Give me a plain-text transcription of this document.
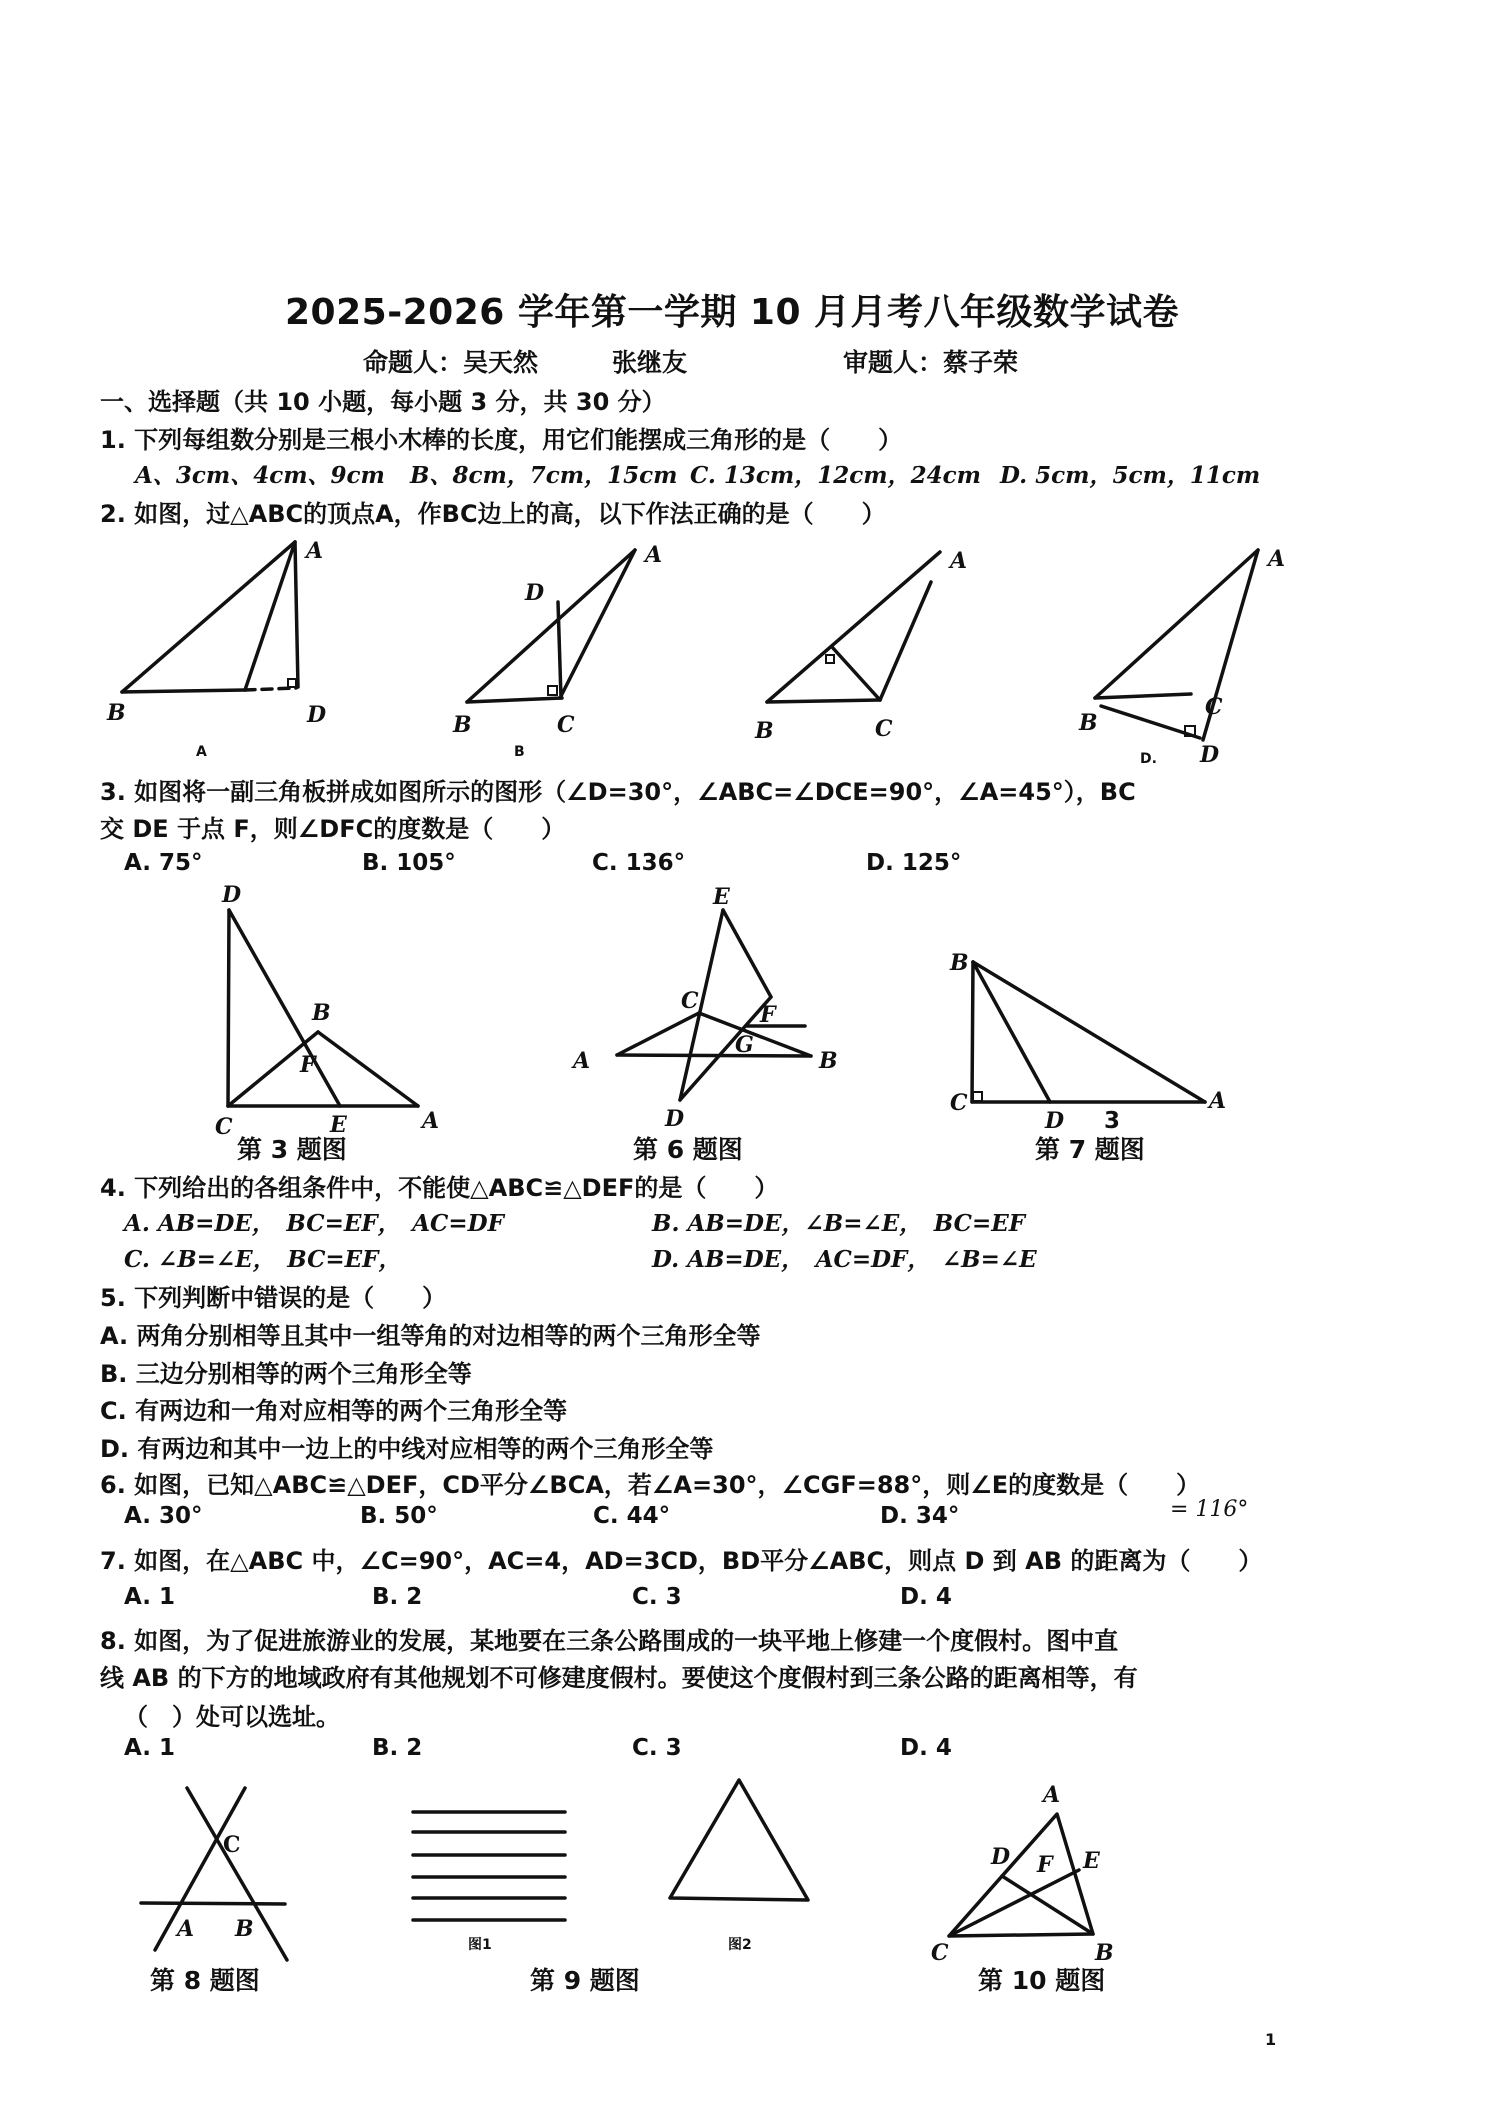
2025-2026 学年第一学期 10 月月考八年级数学试卷
命题人：吴天然	张继友	审题人：蔡子荣
一、选择题（共 10 小题，每小题 3 分，共 30 分）
1. 下列每组数分别是三根小木棒的长度，用它们能摆成三角形的是（　　）
A、3cm、4cm、9cm B、8cm，7cm，15cm C. 13cm，12cm，24cm D. 5cm，5cm，11cm
2. 如图，过△ABC的顶点A，作BC边上的高，以下作法正确的是（　　）
B	D
A
A
B	C
D
A
B
B	C
A
B
C
D
A
D.
3. 如图将一副三角板拼成如图所示的图形（∠D=30°，∠ABC=∠DCE=90°，∠A=45°），BC
交 DE 于点 F，则∠DFC的度数是（　　）
A. 75°	B. 105°	C. 136°	D. 125°
D
B
F
C	E	A
第 3 题图
A	B
C
E
D
F
G
第 6 题图
B
C
D
A
3
第 7 题图
4. 下列给出的各组条件中，不能使△ABC≌△DEF的是（　　）
A. AB=DE，　BC=EF，　AC=DF	B. AB=DE，∠B=∠E，　BC=EF
C. ∠B=∠E，　BC=EF，	D. AB=DE，　AC=DF，　∠B=∠E
5. 下列判断中错误的是（　　）
A. 两角分别相等且其中一组等角的对边相等的两个三角形全等
B. 三边分别相等的两个三角形全等
C. 有两边和一角对应相等的两个三角形全等
D. 有两边和其中一边上的中线对应相等的两个三角形全等
6. 如图，已知△ABC≌△DEF，CD平分∠BCA，若∠A=30°，∠CGF=88°，则∠E的度数是（　　）
A. 30°	B. 50°	C. 44°	D. 34°	= 116°
7. 如图，在△ABC 中，∠C=90°，AC=4，AD=3CD，BD平分∠ABC，则点 D 到 AB 的距离为（　　）
A. 1	B. 2	C. 3	D. 4
8. 如图，为了促进旅游业的发展，某地要在三条公路围成的一块平地上修建一个度假村。图中直
线 AB 的下方的地域政府有其他规划不可修建度假村。要使这个度假村到三条公路的距离相等，有
（　）处可以选址。
A. 1	B. 2	C. 3	D. 4
C
A B
第 8 题图
图1
第 9 题图
图2
A
D F E
C	B
第 10 题图
1
